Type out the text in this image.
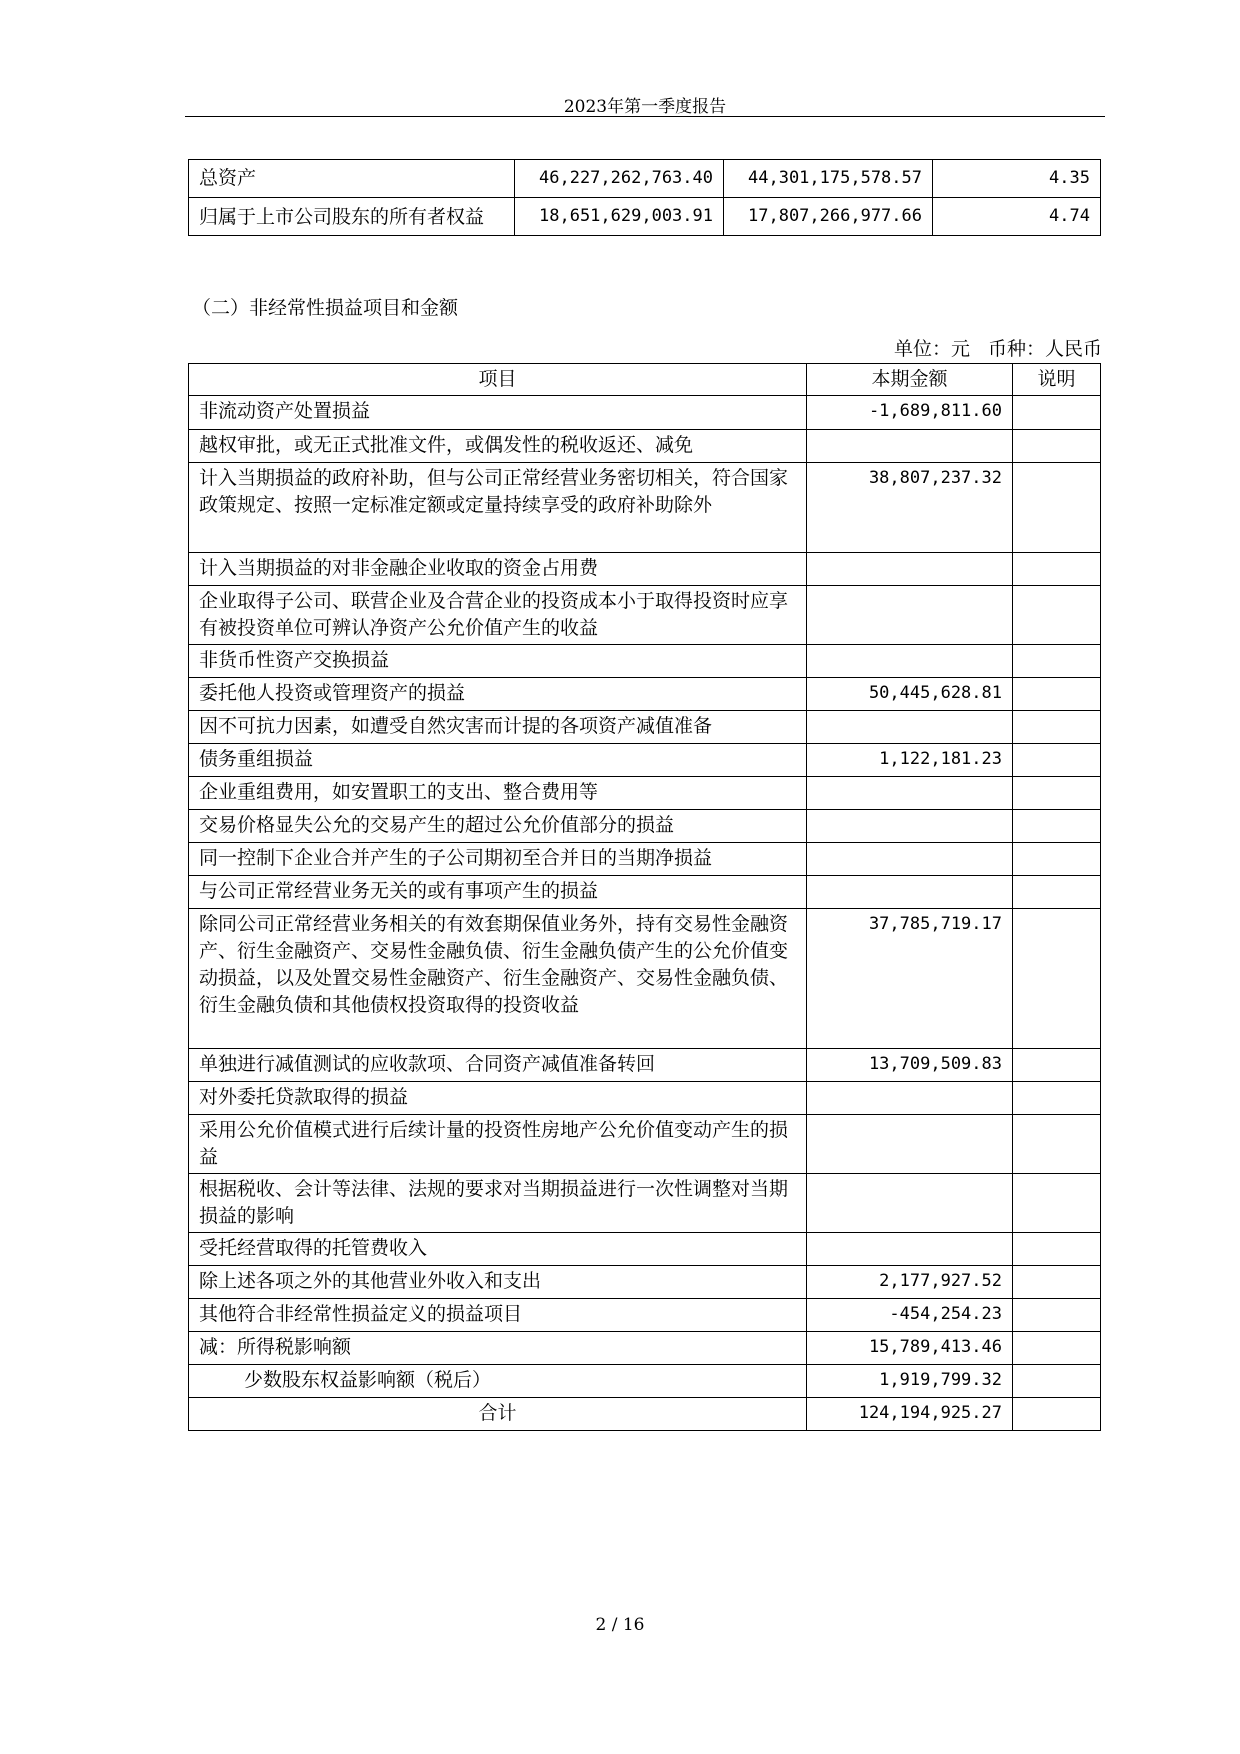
2023年第一季度报告
总资产	46,227,262,763.40	44,301,175,578.57	4.35
归属于上市公司股东的所有者权益	18,651,629,003.91	17,807,266,977.66	4.74
（二）非经常性损益项目和金额
单位：元 币种：人民币
项目	本期金额	说明
非流动资产处置损益	-1,689,811.60	
越权审批，或无正式批准文件，或偶发性的税收返还、减免		
计入当期损益的政府补助，但与公司正常经营业务密切相关，符合国家政策规定、按照一定标准定额或定量持续享受的政府补助除外	38,807,237.32	
计入当期损益的对非金融企业收取的资金占用费		
企业取得子公司、联营企业及合营企业的投资成本小于取得投资时应享有被投资单位可辨认净资产公允价值产生的收益		
非货币性资产交换损益		
委托他人投资或管理资产的损益	50,445,628.81	
因不可抗力因素，如遭受自然灾害而计提的各项资产减值准备		
债务重组损益	1,122,181.23	
企业重组费用，如安置职工的支出、整合费用等		
交易价格显失公允的交易产生的超过公允价值部分的损益		
同一控制下企业合并产生的子公司期初至合并日的当期净损益		
与公司正常经营业务无关的或有事项产生的损益		
除同公司正常经营业务相关的有效套期保值业务外，持有交易性金融资产、衍生金融资产、交易性金融负债、衍生金融负债产生的公允价值变动损益，以及处置交易性金融资产、衍生金融资产、交易性金融负债、衍生金融负债和其他债权投资取得的投资收益	37,785,719.17	
单独进行减值测试的应收款项、合同资产减值准备转回	13,709,509.83	
对外委托贷款取得的损益		
采用公允价值模式进行后续计量的投资性房地产公允价值变动产生的损益		
根据税收、会计等法律、法规的要求对当期损益进行一次性调整对当期损益的影响		
受托经营取得的托管费收入		
除上述各项之外的其他营业外收入和支出	2,177,927.52	
其他符合非经常性损益定义的损益项目	-454,254.23	
减：所得税影响额	15,789,413.46	
少数股东权益影响额（税后）	1,919,799.32	
合计	124,194,925.27	
2 / 16
